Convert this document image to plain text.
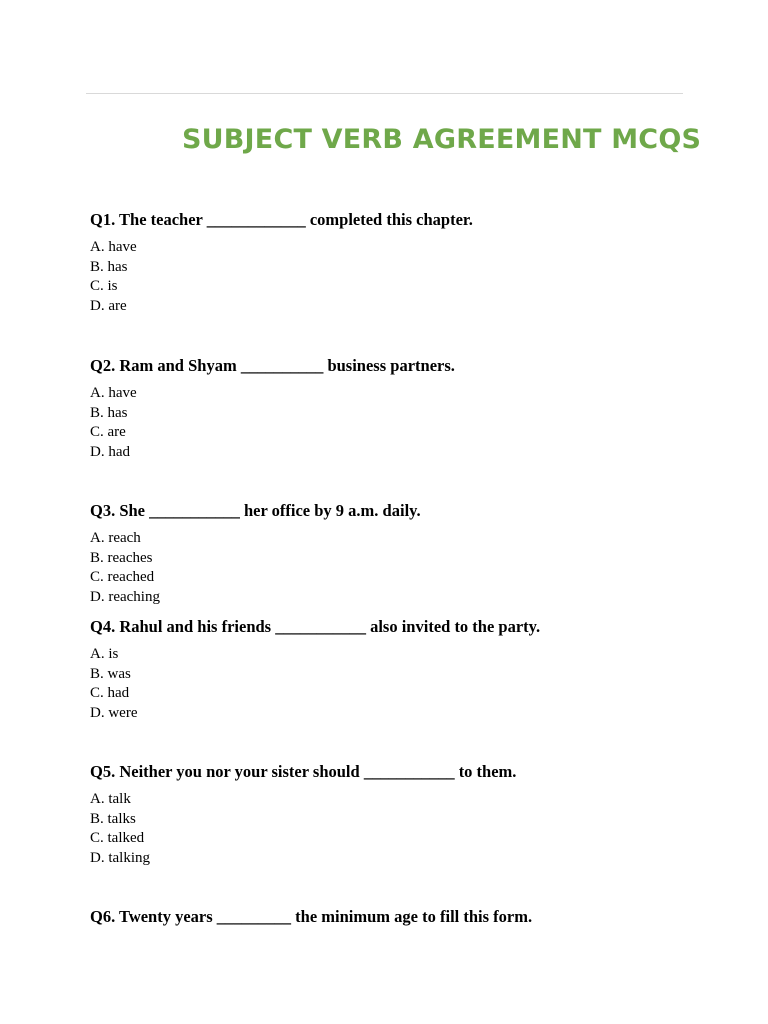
SUBJECT VERB AGREEMENT MCQS
Q1. The teacher ____________ completed this chapter.
A. have
B. has
C. is
D. are
Q2. Ram and Shyam __________ business partners.
A. have
B. has
C. are
D. had
Q3. She ___________ her office by 9 a.m. daily.
A. reach
B. reaches
C. reached
D. reaching
Q4. Rahul and his friends ___________ also invited to the party.
A. is
B. was
C. had
D. were
Q5. Neither you nor your sister should ___________ to them.
A. talk
B. talks
C. talked
D. talking
Q6. Twenty years _________ the minimum age to fill this form.
